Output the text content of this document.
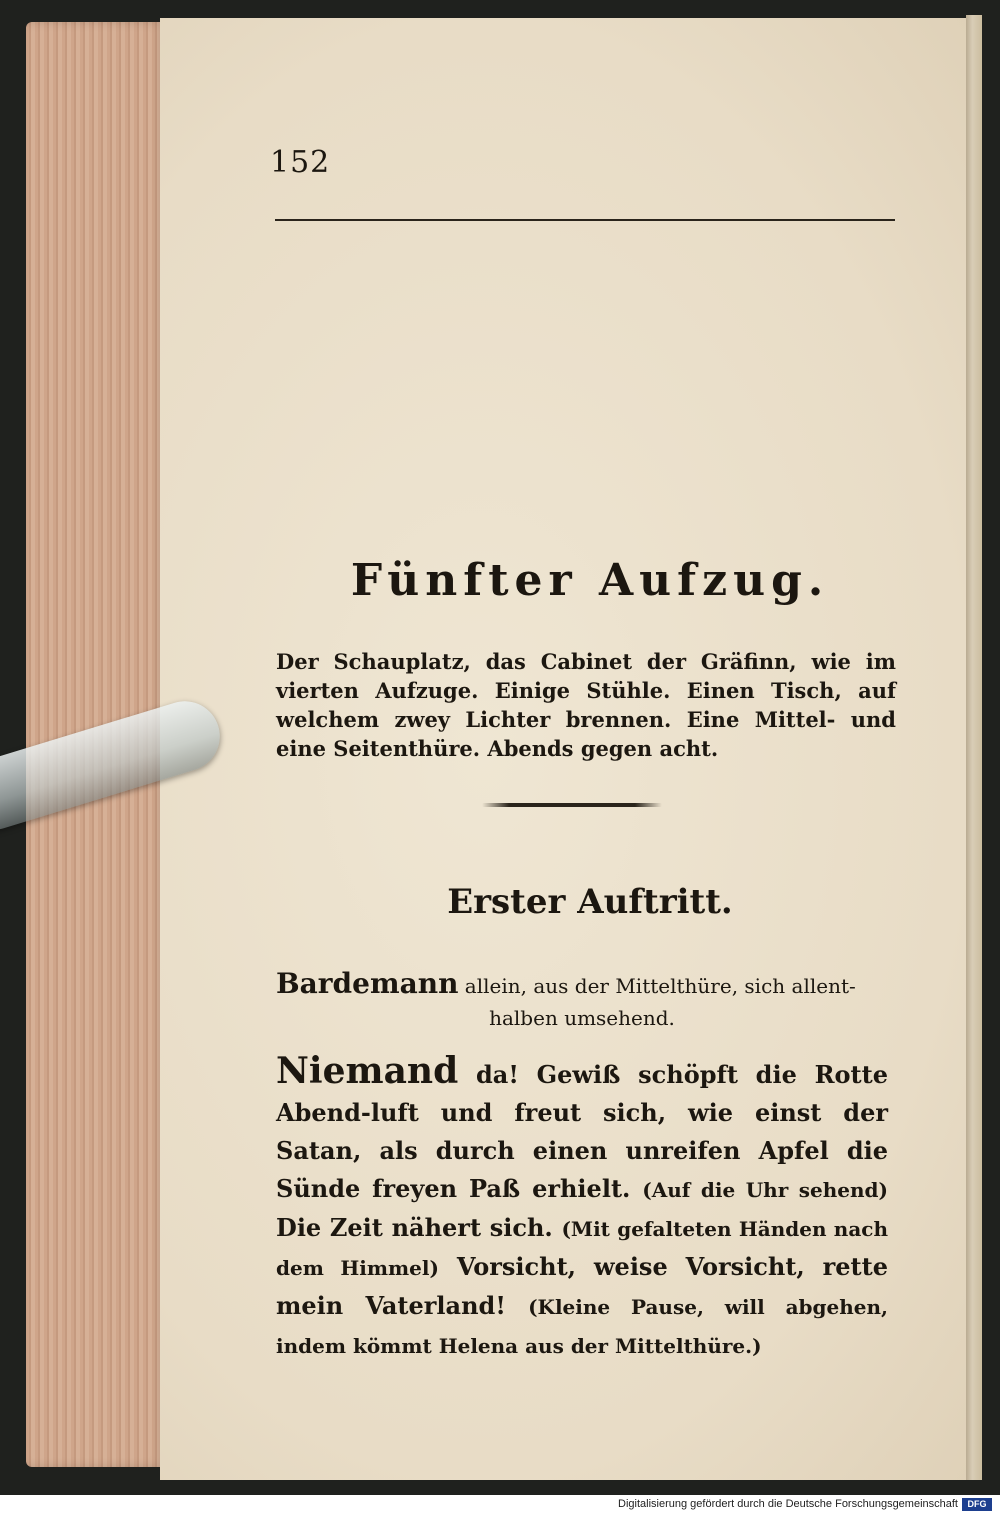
152
Fünfter Aufzug.
Der Schauplatz, das Cabinet der Gräfinn, wie im vierten Aufzuge. Einige Stühle. Einen Tisch, auf welchem zwey Lichter brennen. Eine Mittel- und eine Seitenthüre. Abends gegen acht.
Erster Auftritt.
Bardemann allein, aus der Mittelthüre, sich allent-
halben umsehend.
Niemand da! Gewiß schöpft die Rotte Abend-luft und freut sich, wie einst der Satan, als durch einen unreifen Apfel die Sünde freyen Paß erhielt. (Auf die Uhr sehend) Die Zeit nähert sich. (Mit gefalteten Händen nach dem Himmel) Vorsicht, weise Vorsicht, rette mein Vaterland! (Kleine Pause, will abgehen, indem kömmt Helena aus der Mittelthüre.)
Digitalisierung gefördert durch die Deutsche Forschungsgemeinschaft	DFG
